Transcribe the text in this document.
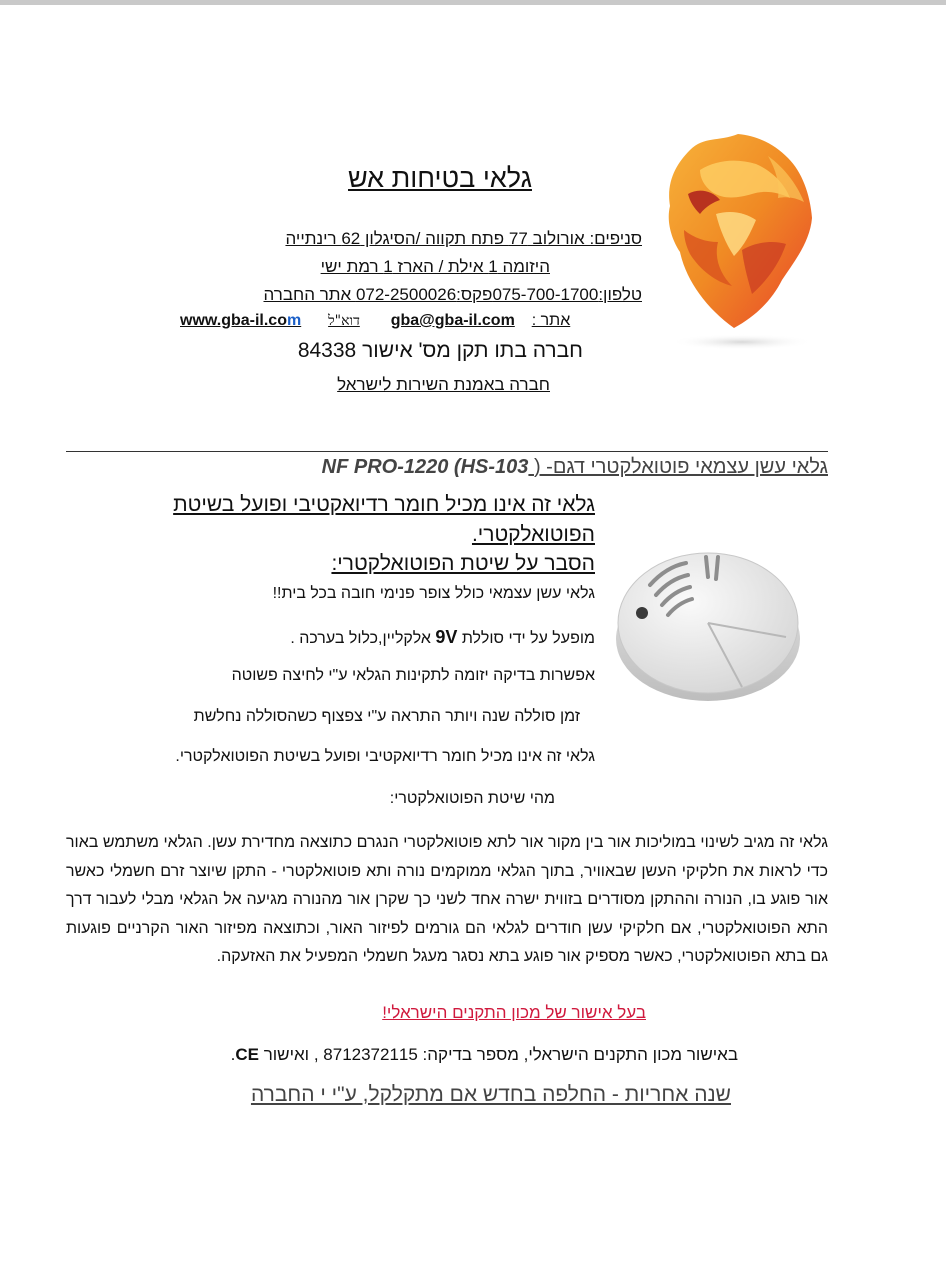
גלאי בטיחות אש
סניפים: אורולוב 77 פתח תקווה /הסיגלון 62 רינתייה
היזומה 1 אילת / הארז 1 רמת ישי
טלפון:075-700-1700פקס:072-2500026 אתר החברה
www.gba-il.com דוא"ל gba@gba-il.com אתר :
חברה בתו תקן מס' אישור 84338
חברה באמנת השירות לישראל
גלאי עשן עצמאי פוטואלקטרי דגם- ( NF PRO-1220 (HS-103
גלאי זה אינו מכיל חומר רדיואקטיבי ופועל בשיטת הפוטואלקטרי.
הסבר על שיטת הפוטואלקטרי:
גלאי עשן עצמאי כולל צופר פנימי חובה בכל בית!!
מופעל על ידי סוללת 9V אלקליין,כלול בערכה .
אפשרות בדיקה יזומה לתקינות הגלאי ע"י לחיצה פשוטה
זמן סוללה שנה ויותר התראה ע"י צפצוף כשהסוללה נחלשת
גלאי זה אינו מכיל חומר רדיואקטיבי ופועל בשיטת הפוטואלקטרי.
מהי שיטת הפוטואלקטרי:
גלאי זה מגיב לשינוי במוליכות אור בין מקור אור לתא פוטואלקטרי הנגרם כתוצאה מחדירת עשן. הגלאי משתמש באור כדי לראות את חלקיקי העשן שבאוויר, בתוך הגלאי ממוקמים נורה ותא פוטואלקטרי - התקן שיוצר זרם חשמלי כאשר אור פוגע בו, הנורה וההתקן מסודרים בזווית ישרה אחד לשני כך שקרן אור מהנורה מגיעה אל הגלאי מבלי לעבור דרך התא הפוטואלקטרי, אם חלקיקי עשן חודרים לגלאי הם גורמים לפיזור האור, וכתוצאה מפיזור האור הקרניים פוגעות גם בתא הפוטואלקטרי, כאשר מספיק אור פוגע בתא נסגר מעגל חשמלי המפעיל את האזעקה.
בעל אישור של מכון התקנים הישראלי!
באישור מכון התקנים הישראלי, מספר בדיקה: 8712372115 , ואישור CE.
שנה אחריות - החלפה בחדש אם מתקלקל, ע"י י החברה
